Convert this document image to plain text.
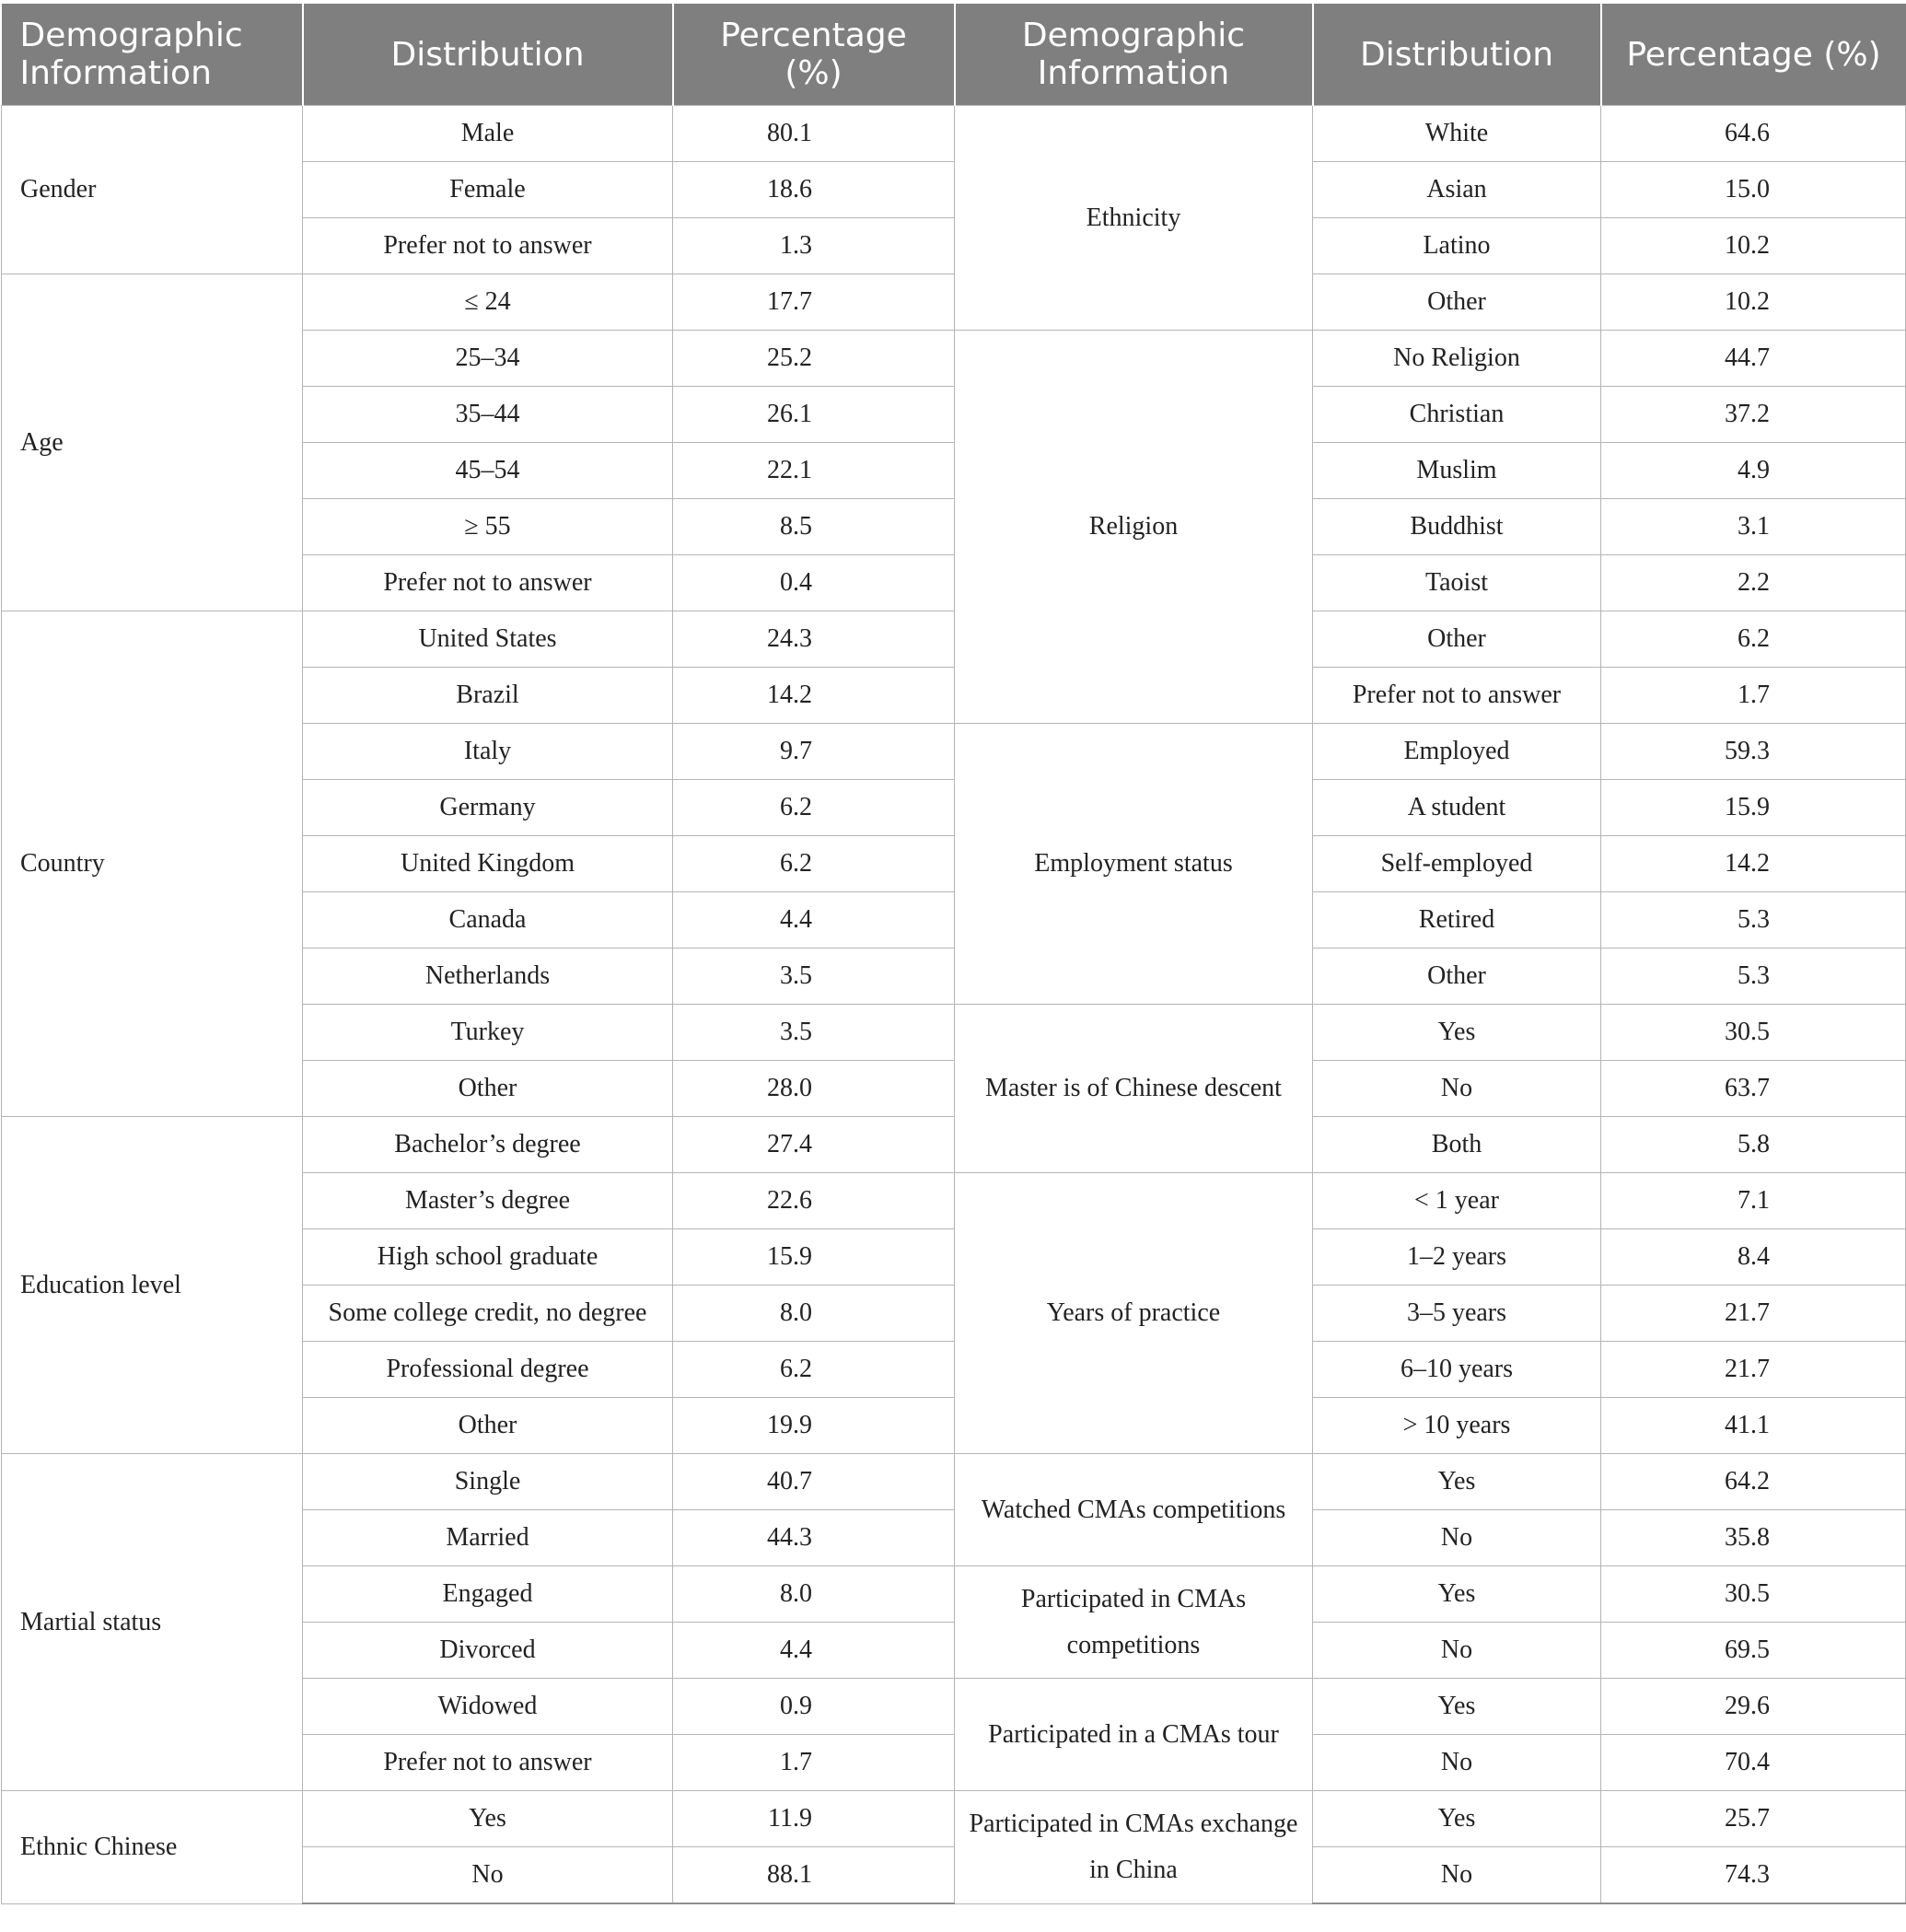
Demographic Information	Distribution	Percentage (%)	Demographic Information	Distribution	Percentage (%)
Gender	Male	80.1	Ethnicity	White	64.6
	Female	18.6		Asian	15.0
	Prefer not to answer	1.3		Latino	10.2
Age	≤ 24	17.7		Other	10.2
	25–34	25.2	Religion	No Religion	44.7
	35–44	26.1		Christian	37.2
	45–54	22.1		Muslim	4.9
	≥ 55	8.5		Buddhist	3.1
	Prefer not to answer	0.4		Taoist	2.2
Country	United States	24.3		Other	6.2
	Brazil	14.2		Prefer not to answer	1.7
	Italy	9.7	Employment status	Employed	59.3
	Germany	6.2		A student	15.9
	United Kingdom	6.2		Self-employed	14.2
	Canada	4.4		Retired	5.3
	Netherlands	3.5		Other	5.3
	Turkey	3.5	Master is of Chinese descent	Yes	30.5
	Other	28.0		No	63.7
Education level	Bachelor’s degree	27.4		Both	5.8
	Master’s degree	22.6	Years of practice	< 1 year	7.1
	High school graduate	15.9		1–2 years	8.4
	Some college credit, no degree	8.0		3–5 years	21.7
	Professional degree	6.2		6–10 years	21.7
	Other	19.9		> 10 years	41.1
Martial status	Single	40.7	Watched CMAs competitions	Yes	64.2
	Married	44.3		No	35.8
	Engaged	8.0	Participated in CMAs competitions	Yes	30.5
	Divorced	4.4		No	69.5
	Widowed	0.9	Participated in a CMAs tour	Yes	29.6
	Prefer not to answer	1.7		No	70.4
Ethnic Chinese	Yes	11.9	Participated in CMAs exchange in China	Yes	25.7
	No	88.1		No	74.3
